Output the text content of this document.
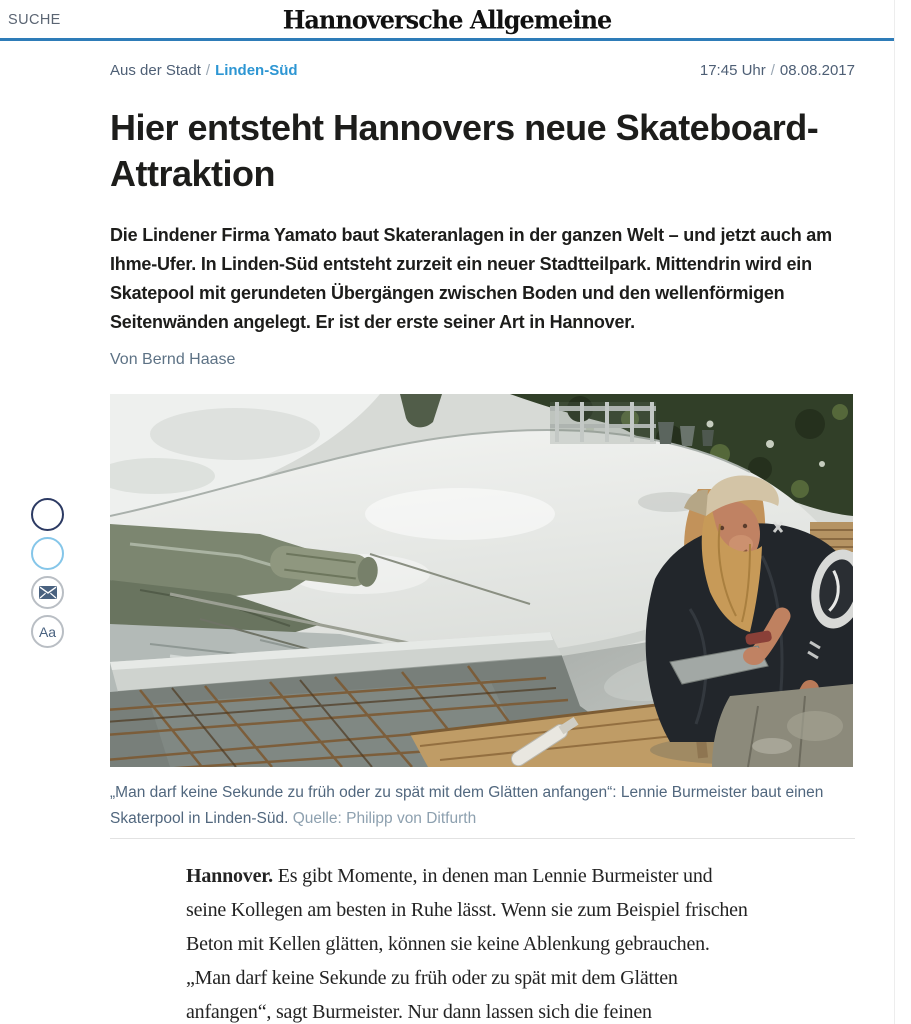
SUCHE	Hannoversche Allgemeine
Aa
Aus der Stadt / Linden-Süd	17:45 Uhr / 08.08.2017
Hier entsteht Hannovers neue Skateboard-Attraktion

Die Lindener Firma Yamato baut Skateranlagen in der ganzen Welt – und jetzt auch am Ihme-Ufer. In Linden-Süd entsteht zurzeit ein neuer Stadtteilpark. Mittendrin wird ein Skatepool mit gerundeten Übergängen zwischen Boden und den wellenförmigen Seitenwänden angelegt. Er ist der erste seiner Art in Hannover.

Von Bernd Haase
„Man darf keine Sekunde zu früh oder zu spät mit dem Glätten anfangen“: Lennie Burmeister baut einen Skaterpool in Linden-Süd. Quelle: Philipp von Ditfurth

Hannover. Es gibt Momente, in denen man Lennie Burmeister und seine Kollegen am besten in Ruhe lässt. Wenn sie zum Beispiel frischen Beton mit Kellen glätten, können sie keine Ablenkung gebrauchen. „Man darf keine Sekunde zu früh oder zu spät mit dem Glätten anfangen“, sagt Burmeister. Nur dann lassen sich die feinen
